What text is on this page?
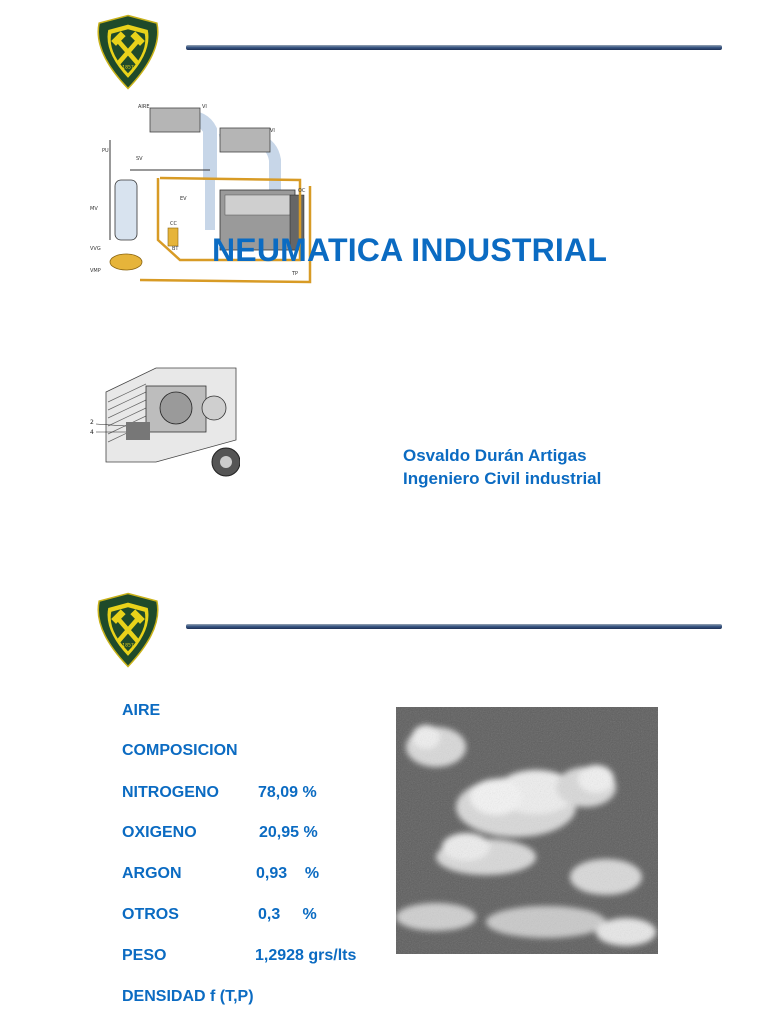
1857
AIRE	VI
VI
PU
SV
MV
CC
OC
EV
TP
VVG
VMP
BT NEUMATICA INDUSTRIAL
2
4
Osvaldo Durán Artigas
Ingeniero Civil industrial
1857
AIRE
COMPOSICION
NITROGENO 78,09 %
OXIGENO	20,95 %
ARGON	0,93    %
OTROS	0,3     %
PESO	1,2928 grs/lts
DENSIDAD f (T,P)
